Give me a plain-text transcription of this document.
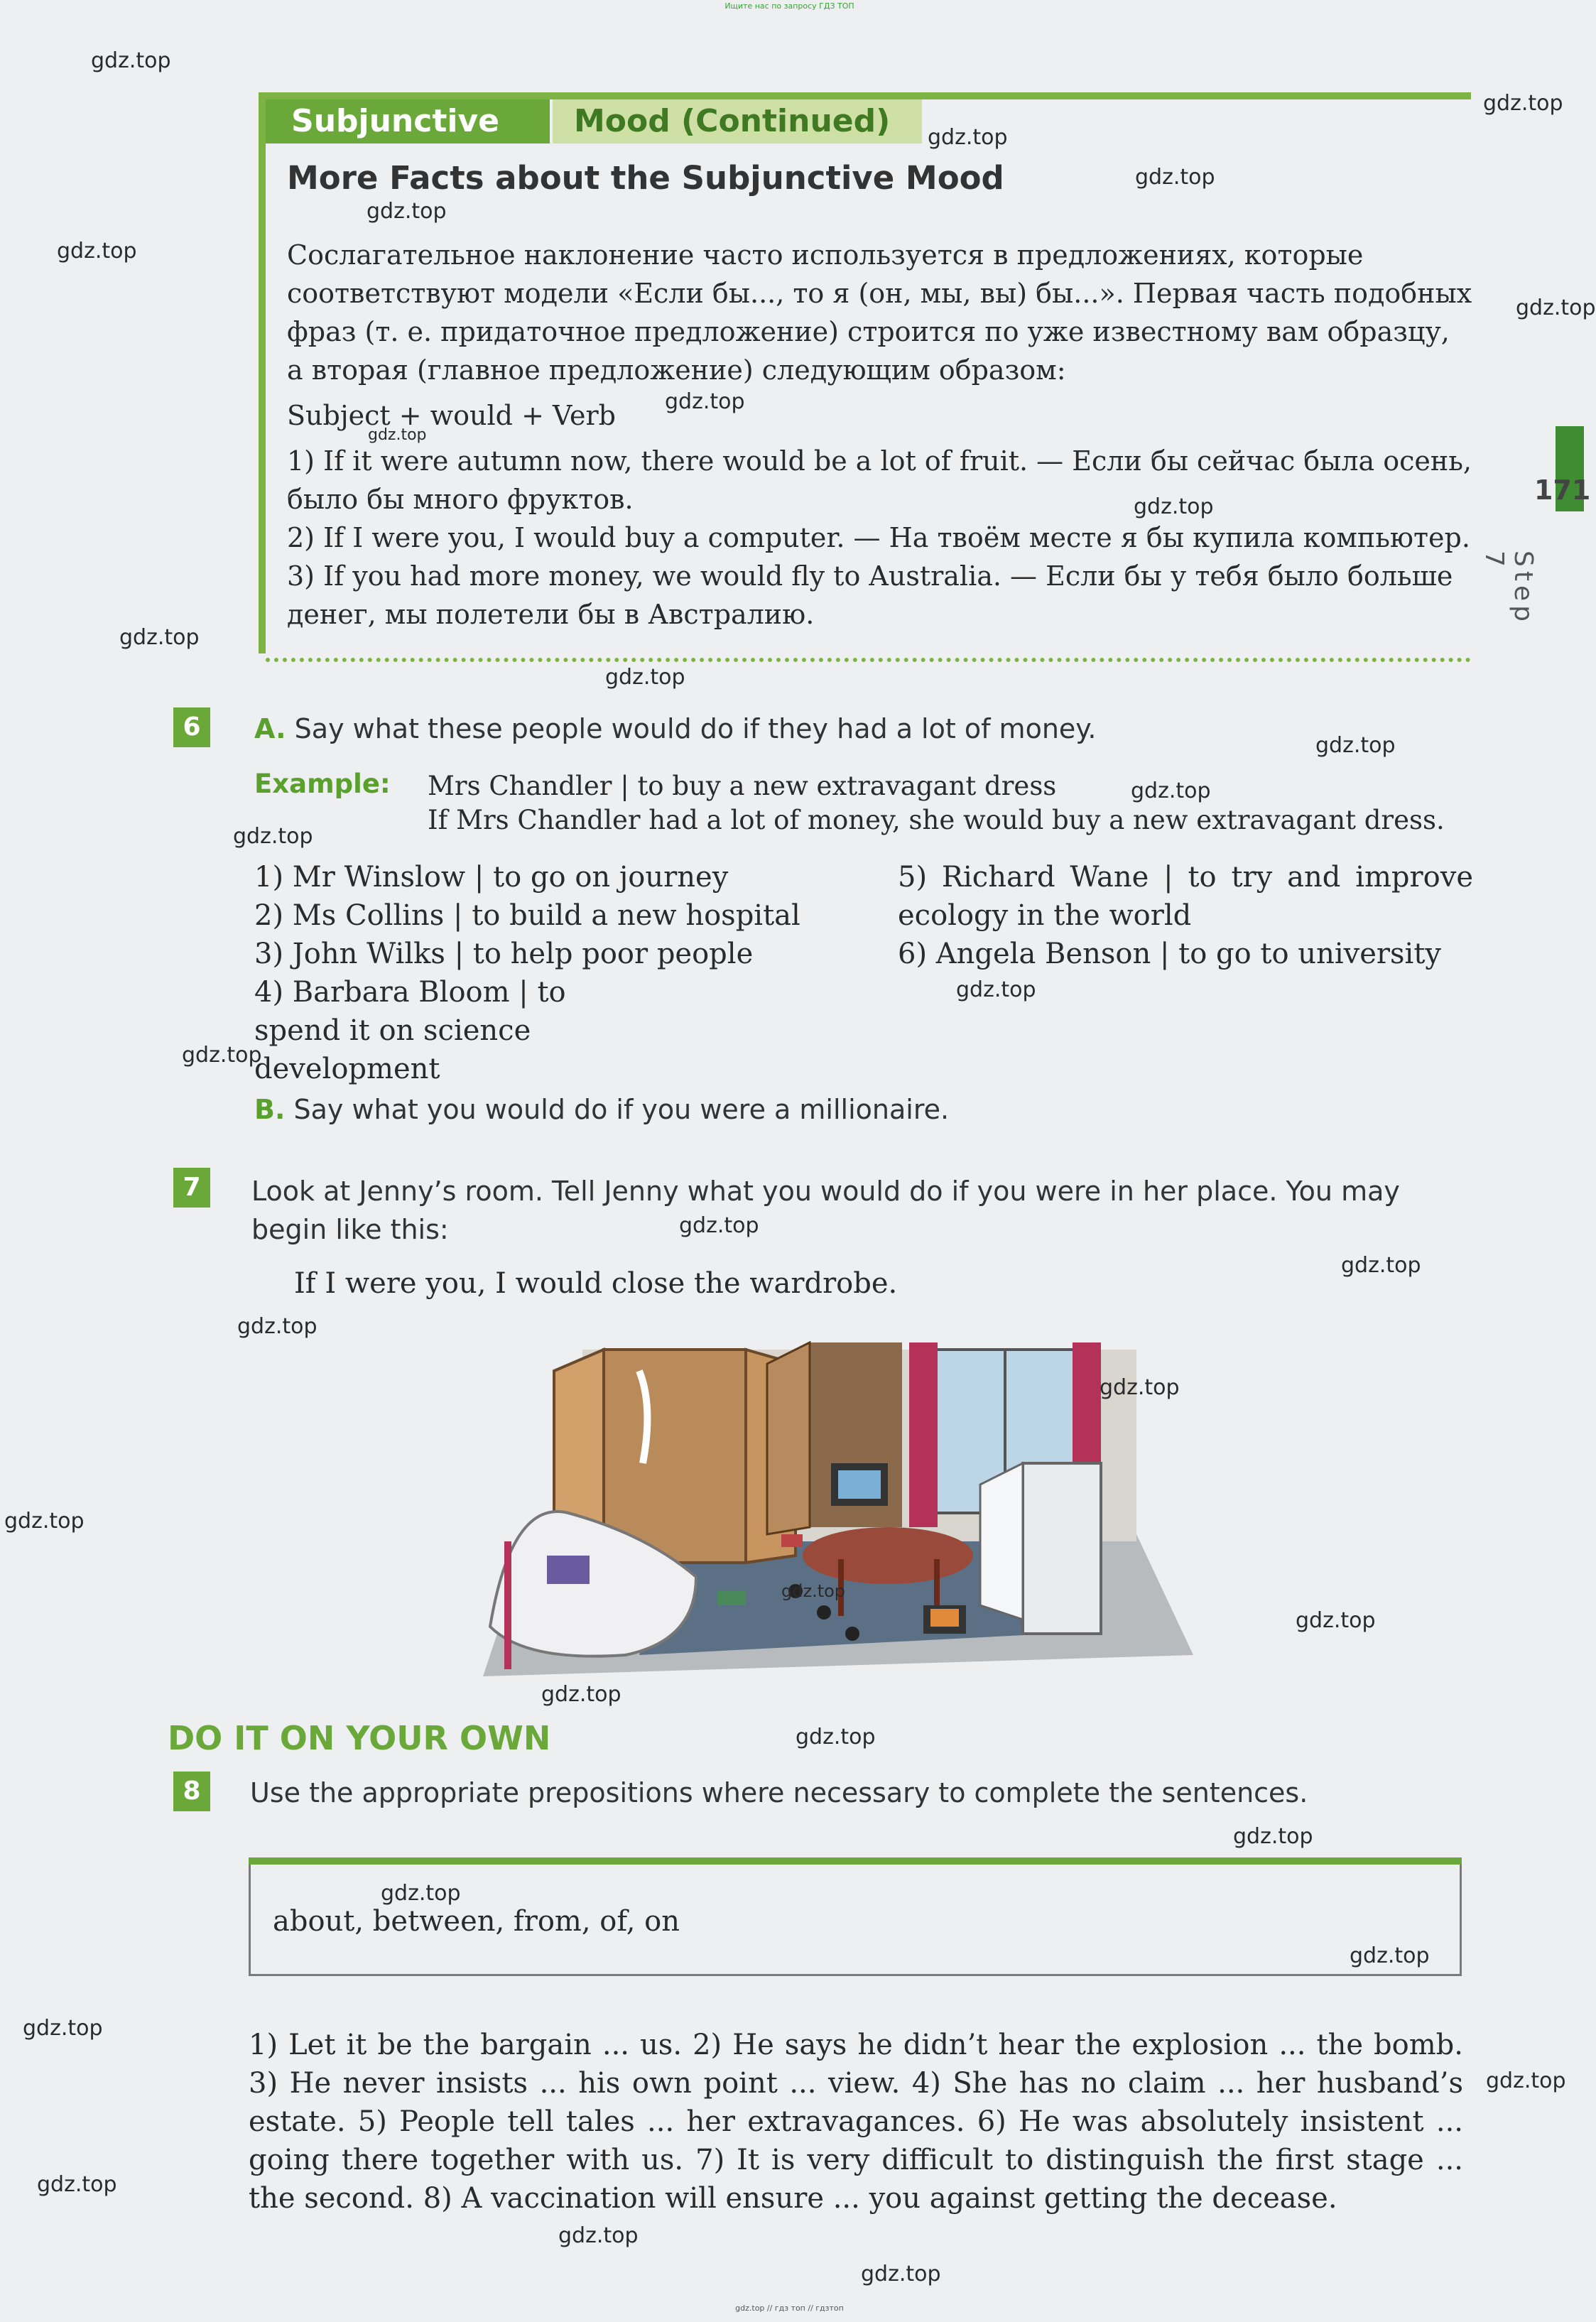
Ищите нас по запросу ГДЗ ТОП
gdz.top // гдз топ // гдзтоп
171
Step 7
Subjunctive	Mood (Continued)
More Facts about the Subjunctive Mood
Сослагательное наклонение часто используется в предложениях, которые соответствуют модели «Если бы..., то я (он, мы, вы) бы...». Первая часть подобных фраз (т. е. придаточное предложение) строится по уже известному вам образцу, а вторая (главное предложение) следующим образом:
Subject + would + Verb
1) If it were autumn now, there would be a lot of fruit. — Если бы сейчас была осень, было бы много фруктов.
2) If I were you, I would buy a computer. — На твоём месте я бы купила компьютер.
3) If you had more money, we would fly to Australia. — Если бы у тебя было больше денег, мы полетели бы в Австралию.
6	A. Say what these people would do if they had a lot of money.
Example: Mrs Chandler | to buy a new extravagant dress
If Mrs Chandler had a lot of money, she would buy a new extravagant dress.
1) Mr Winslow | to go on journey
2) Ms Collins | to build a new hospital
3) John Wilks | to help poor people
4) Barbara Bloom | to spend it on science development
5) Richard Wane | to try and improve ecology in the world
6) Angela Benson | to go to university
B. Say what you would do if you were a millionaire.
7	Look at Jenny’s room. Tell Jenny what you would do if you were in her place. You may begin like this:
If I were you, I would close the wardrobe.
DO IT ON YOUR OWN
8	Use the appropriate prepositions where necessary to complete the sentences.
about, between, from, of, on
1) Let it be the bargain ... us. 2) He says he didn’t hear the explosion ... the bomb. 3) He never insists ... his own point ... view. 4) She has no claim ... her husband’s estate. 5) People tell tales ... her extravagances. 6) He was absolutely insistent ... going there together with us. 7) It is very difficult to distinguish the first stage ... the second. 8) A vaccination will ensure ... you against getting the decease.
gdz.top
gdz.top
gdz.top
gdz.top
gdz.top
gdz.top
gdz.top
gdz.top
gdz.top
gdz.top
gdz.top
gdz.top
gdz.top
gdz.top
gdz.top
gdz.top
gdz.top
gdz.top
gdz.top
gdz.top
gdz.top
gdz.top
gdz.top
gdz.top
gdz.top
gdz.top
gdz.top
gdz.top
gdz.top
gdz.top
gdz.top
gdz.top
gdz.top
gdz.top
